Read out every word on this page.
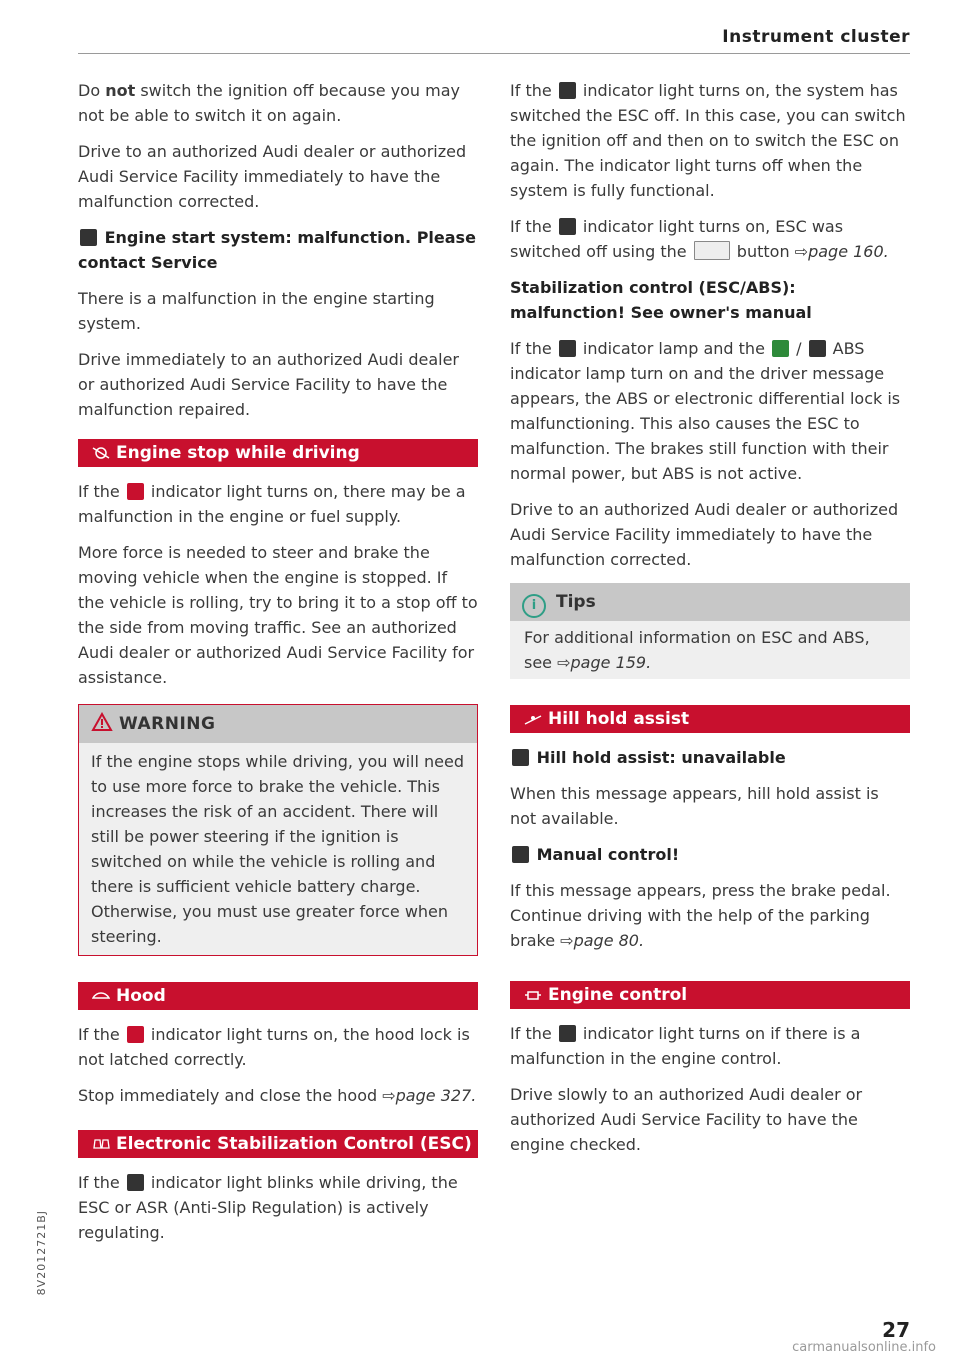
Instrument cluster

Do not switch the ignition off because you may not be able to switch it on again.

Drive to an authorized Audi dealer or authorized Audi Service Facility immediately to have the malfunction corrected.

Engine start system: malfunction. Please contact Service

There is a malfunction in the engine starting system.

Drive immediately to an authorized Audi dealer or authorized Audi Service Facility to have the malfunction repaired.

Engine stop while driving

If the  indicator light turns on, there may be a malfunction in the engine or fuel supply.

More force is needed to steer and brake the moving vehicle when the engine is stopped. If the vehicle is rolling, try to bring it to a stop off to the side from moving traffic. See an authorized Audi dealer or authorized Audi Service Facility for assistance.

WARNING

If the engine stops while driving, you will need to use more force to brake the vehicle. This increases the risk of an accident. There will still be power steering if the ignition is switched on while the vehicle is rolling and there is sufficient vehicle battery charge. Otherwise, you must use greater force when steering.

Hood

If the  indicator light turns on, the hood lock is not latched correctly.

Stop immediately and close the hood ⇨page 327.

Electronic Stabilization Control (ESC)

If the  indicator light blinks while driving, the ESC or ASR (Anti-Slip Regulation) is actively regulating.

If the  indicator light turns on, the system has switched the ESC off. In this case, you can switch the ignition off and then on to switch the ESC on again. The indicator light turns off when the system is fully functional.

If the  indicator light turns on, ESC was switched off using the	button ⇨page 160.

Stabilization control (ESC/ABS): malfunction! See owner's manual

If the  indicator lamp and the  /  ABS indicator lamp turn on and the driver message appears, the ABS or electronic differential lock is malfunctioning. This also causes the ESC to malfunction. The brakes still function with their normal power, but ABS is not active.

Drive to an authorized Audi dealer or authorized Audi Service Facility immediately to have the malfunction corrected.

i Tips

For additional information on ESC and ABS, see ⇨page 159.

Hill hold assist
Hill hold assist: unavailable

When this message appears, hill hold assist is not available.

Manual control!

If this message appears, press the brake pedal. Continue driving with the help of the parking brake ⇨page 80.

Engine control

If the  indicator light turns on if there is a malfunction in the engine control.

Drive slowly to an authorized Audi dealer or authorized Audi Service Facility to have the engine checked.

8V2012721BJ
27
carmanualsonline.info
